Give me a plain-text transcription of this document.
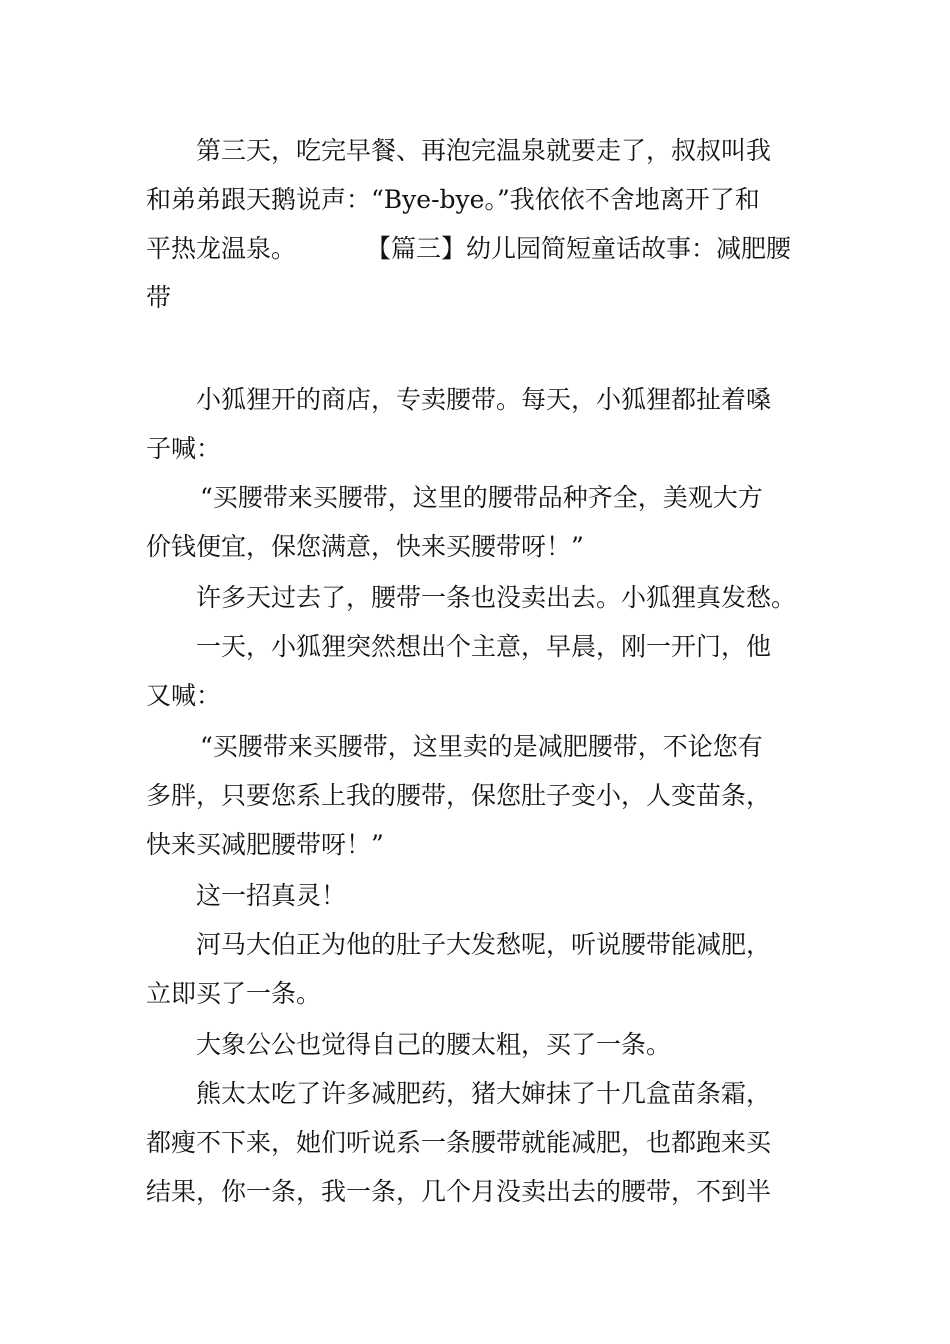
第三天，吃完早餐、再泡完温泉就要走了，叔叔叫我
和弟弟跟天鹅说声：“Bye-bye。”我依依不舍地离开了和
平热龙温泉。	【篇三】幼儿园简短童话故事：减肥腰
带
小狐狸开的商店，专卖腰带。每天，小狐狸都扯着嗓
子喊：
“买腰带来买腰带，这里的腰带品种齐全，美观大方
价钱便宜，保您满意，快来买腰带呀！”
许多天过去了，腰带一条也没卖出去。小狐狸真发愁。
一天，小狐狸突然想出个主意，早晨，刚一开门，他
又喊：
“买腰带来买腰带，这里卖的是减肥腰带，不论您有
多胖，只要您系上我的腰带，保您肚子变小，人变苗条，
快来买减肥腰带呀！”
这一招真灵！
河马大伯正为他的肚子大发愁呢，听说腰带能减肥，
立即买了一条。
大象公公也觉得自己的腰太粗，买了一条。
熊太太吃了许多减肥药，猪大婶抹了十几盒苗条霜，
都瘦不下来，她们听说系一条腰带就能减肥，也都跑来买
结果，你一条，我一条，几个月没卖出去的腰带，不到半
